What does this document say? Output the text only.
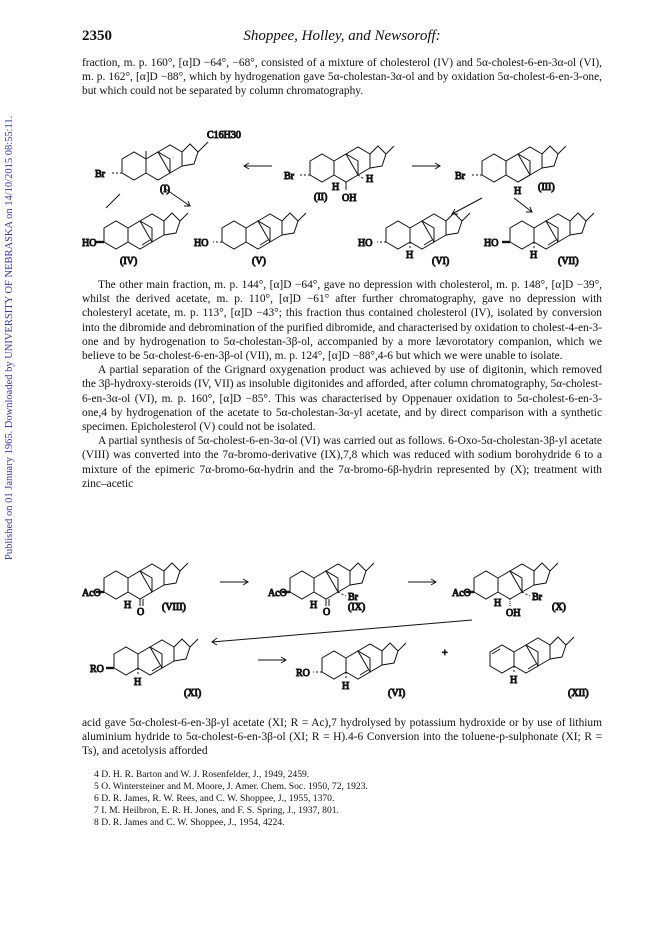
Published on 01 January 1965. Downloaded by UNIVERSITY OF NEBRASKA on 14/10/2015 08:55:11.
2350	Shoppee, Holley, and Newsoroff:

fraction, m. p. 160°, [α]D −64°, −68°, consisted of a mixture of cholesterol (IV) and 5α-cholest-6-en-3α-ol (VI), m. p. 162°, [α]D −88°, which by hydrogenation gave 5α-cholestan-3α-ol and by oxidation 5α-cholest-6-en-3-one, but which could not be separated by column chromatography.

Br
C16H30
(I)
Br	H
H
OH
(II)
Br
H (III)
HO
(IV)
HO
(V)
HO
H
(VI)
HO
H
(VII)

The other main fraction, m. p. 144°, [α]D −64°, gave no depression with cholesterol, m. p. 148°, [α]D −39°, whilst the derived acetate, m. p. 110°, [α]D −61° after further chromatography, gave no depression with cholesteryl acetate, m. p. 113°, [α]D −43°; this fraction thus contained cholesterol (IV), isolated by conversion into the dibromide and debromination of the purified dibromide, and characterised by oxidation to cholest-4-en-3-one and by hydrogenation to 5α-cholestan-3β-ol, accompanied by a more lævorotatory companion, which we believe to be 5α-cholest-6-en-3β-ol (VII), m. p. 124°, [α]D −88°,4-6 but which we were unable to isolate.

A partial separation of the Grignard oxygenation product was achieved by use of digitonin, which removed the 3β-hydroxy-steroids (IV, VII) as insoluble digitonides and afforded, after column chromatography, 5α-cholest-6-en-3α-ol (VI), m. p. 160°, [α]D −85°. This was characterised by Oppenauer oxidation to 5α-cholest-6-en-3-one,4 by hydrogenation of the acetate to 5α-cholestan-3α-yl acetate, and by direct comparison with a synthetic specimen. Epicholesterol (V) could not be isolated.

A partial synthesis of 5α-cholest-6-en-3α-ol (VI) was carried out as follows. 6-Oxo-5α-cholestan-3β-yl acetate (VIII) was converted into the 7α-bromo-derivative (IX),7,8 which was reduced with sodium borohydride 6 to a mixture of the epimeric 7α-bromo-6α-hydrin and the 7α-bromo-6β-hydrin represented by (X); treatment with zinc–acetic

AcO
H
O (VIII)
AcO	Br
H
O (IX)
AcO	Br
H
OH
(X)
RO
H
(XI)
RO
H
(VI)
+
H
(XII)

acid gave 5α-cholest-6-en-3β-yl acetate (XI; R = Ac),7 hydrolysed by potassium hydroxide or by use of lithium aluminium hydride to 5α-cholest-6-en-3β-ol (XI; R = H).4-6 Conversion into the toluene-p-sulphonate (XI; R = Ts), and acetolysis afforded

4 D. H. R. Barton and W. J. Rosenfelder, J., 1949, 2459.
5 O. Wintersteiner and M. Moore, J. Amer. Chem. Soc. 1950, 72, 1923.
6 D. R. James, R. W. Rees, and C. W. Shoppee, J., 1955, 1370.
7 I. M. Heilbron, E. R. H. Jones, and F. S. Spring, J., 1937, 801.
8 D. R. James and C. W. Shoppee, J., 1954, 4224.
